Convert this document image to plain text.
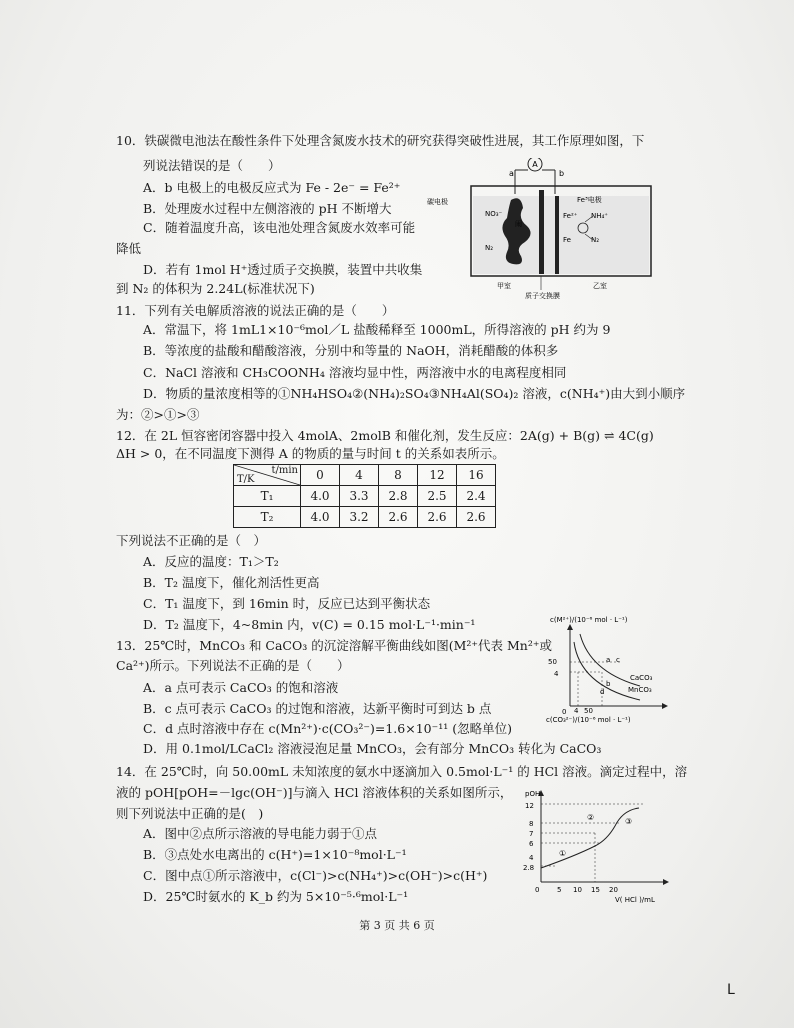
10．铁碳微电池法在酸性条件下处理含氮废水技术的研究获得突破性进展，其工作原理如图，下
列说法错误的是（　　）
A．b 电极上的电极反应式为 Fe - 2e⁻ = Fe²⁺
B．处理废水过程中左侧溶液的 pH 不断增大
C．随着温度升高，该电池处理含氮废水效率可能
降低
D．若有 1mol H⁺透过质子交换膜，装置中共收集
到 N₂ 的体积为 2.24L(标准状况下)
A
a	b
碳电极
NO₃⁻
闹
N₂
Fe³电极
Fe²⁺ NH₄⁺
Fe	N₂
甲室	乙室
质子交换膜
11．下列有关电解质溶液的说法正确的是（　　）
A．常温下，将 1mL1×10⁻⁶mol／L 盐酸稀释至 1000mL，所得溶液的 pH 约为 9
B．等浓度的盐酸和醋酸溶液，分别中和等量的 NaOH，消耗醋酸的体积多
C．NaCl 溶液和 CH₃COONH₄ 溶液均显中性，两溶液中水的电离程度相同
D．物质的量浓度相等的①NH₄HSO₄②(NH₄)₂SO₄③NH₄Al(SO₄)₂ 溶液，c(NH₄⁺)由大到小顺序
为：②>①>③
12．在 2L 恒容密闭容器中投入 4molA、2molB 和催化剂，发生反应：2A(g) + B(g) ⇌ 4C(g)
ΔH > 0，在不同温度下测得 A 的物质的量与时间 t 的关系如表所示。
t/min
T/K	0	4	8	12	16
T₁	4.0	3.3	2.8	2.5	2.4
T₂	4.0	3.2	2.6	2.6	2.6
下列说法不正确的是（　）
A．反应的温度：T₁＞T₂
B．T₂ 温度下，催化剂活性更高
C．T₁ 温度下，到 16min 时，反应已达到平衡状态
D．T₂ 温度下，4~8min 内，v(C) = 0.15 mol·L⁻¹·min⁻¹
13．25℃时，MnCO₃ 和 CaCO₃ 的沉淀溶解平衡曲线如图(M²⁺代表 Mn²⁺或
Ca²⁺)所示。下列说法不正确的是（　　）
A．a 点可表示 CaCO₃ 的饱和溶液
B．c 点可表示 CaCO₃ 的过饱和溶液，达新平衡时可到达 b 点
C．d 点时溶液中存在 c(Mn²⁺)·c(CO₃²⁻)=1.6×10⁻¹¹ (忽略单位)
D．用 0.1mol/LCaCl₂ 溶液浸泡足量 MnCO₃，会有部分 MnCO₃ 转化为 CaCO₃
c(M²⁺)/(10⁻⁶ mol · L⁻¹)
50
4
0 4 50
c(CO₃²⁻)/(10⁻⁶ mol · L⁻¹)
a c
b
d
CaCO₃
MnCO₃
14．在 25℃时，向 50.00mL 未知浓度的氨水中逐滴加入 0.5mol·L⁻¹ 的 HCl 溶液。滴定过程中，溶
液的 pOH[pOH=－lgc(OH⁻)]与滴入 HCl 溶液体积的关系如图所示，
则下列说法中正确的是(　)
A．图中②点所示溶液的导电能力弱于①点
B．③点处水电离出的 c(H⁺)=1×10⁻⁸mol·L⁻¹
C．图中点①所示溶液中，c(Cl⁻)>c(NH₄⁺)>c(OH⁻)>c(H⁺)
D．25℃时氨水的 K_b 约为 5×10⁻⁵·⁶mol·L⁻¹
pOH
12
8
7
6
4
2.8
0	5 10 15 20
V( HCl )/mL
①
②	③
第 3 页 共 6 页
L
